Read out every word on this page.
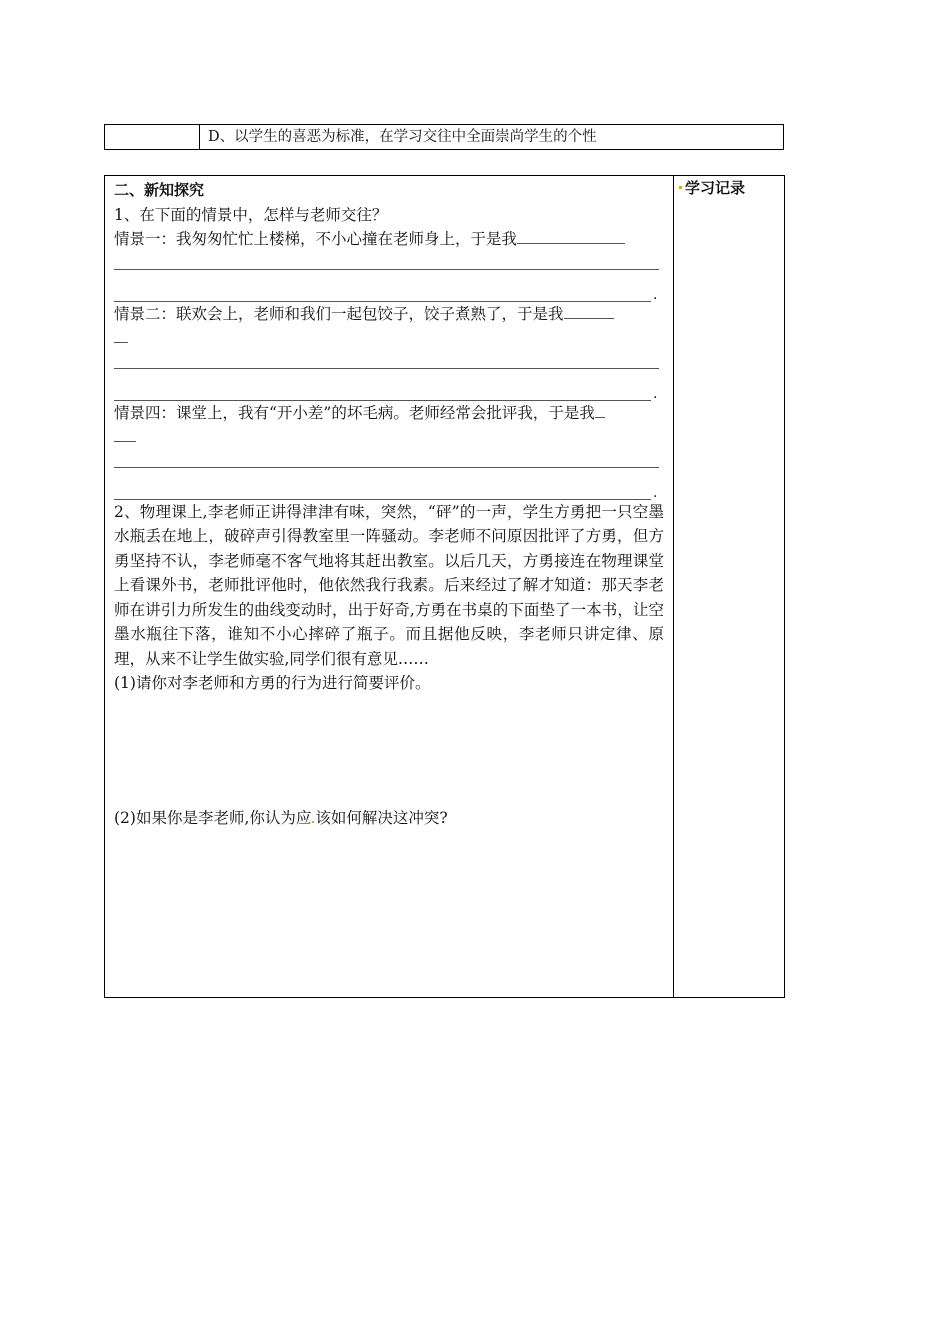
D、以学生的喜恶为标准，在学习交往中全面崇尚学生的个性
二、新知探究
1、在下面的情景中，怎样与老师交往？
情景一：我匆匆忙忙上楼梯，不小心撞在老师身上，于是我
.
情景二：联欢会上，老师和我们一起包饺子，饺子煮熟了，于是我
.
情景四：课堂上，我有“开小差”的坏毛病。老师经常会批评我，于是我
.
2、物理课上,李老师正讲得津津有味，突然，“砰”的一声，学生方勇把一只空墨水瓶丢在地上，破碎声引得教室里一阵骚动。李老师不问原因批评了方勇，但方勇坚持不认，李老师毫不客气地将其赶出教室。以后几天，方勇接连在物理课堂上看课外书，老师批评他时，他依然我行我素。后来经过了解才知道：那天李老师在讲引力所发生的曲线变动时，出于好奇,方勇在书桌的下面垫了一本书，让空墨水瓶往下落，谁知不小心摔碎了瓶子。而且据他反映，李老师只讲定律、原理，从来不让学生做实验,同学们很有意见……
(1)请你对李老师和方勇的行为进行简要评价。
(2)如果你是李老师,你认为应 该如何解决这冲突?
学习记录
